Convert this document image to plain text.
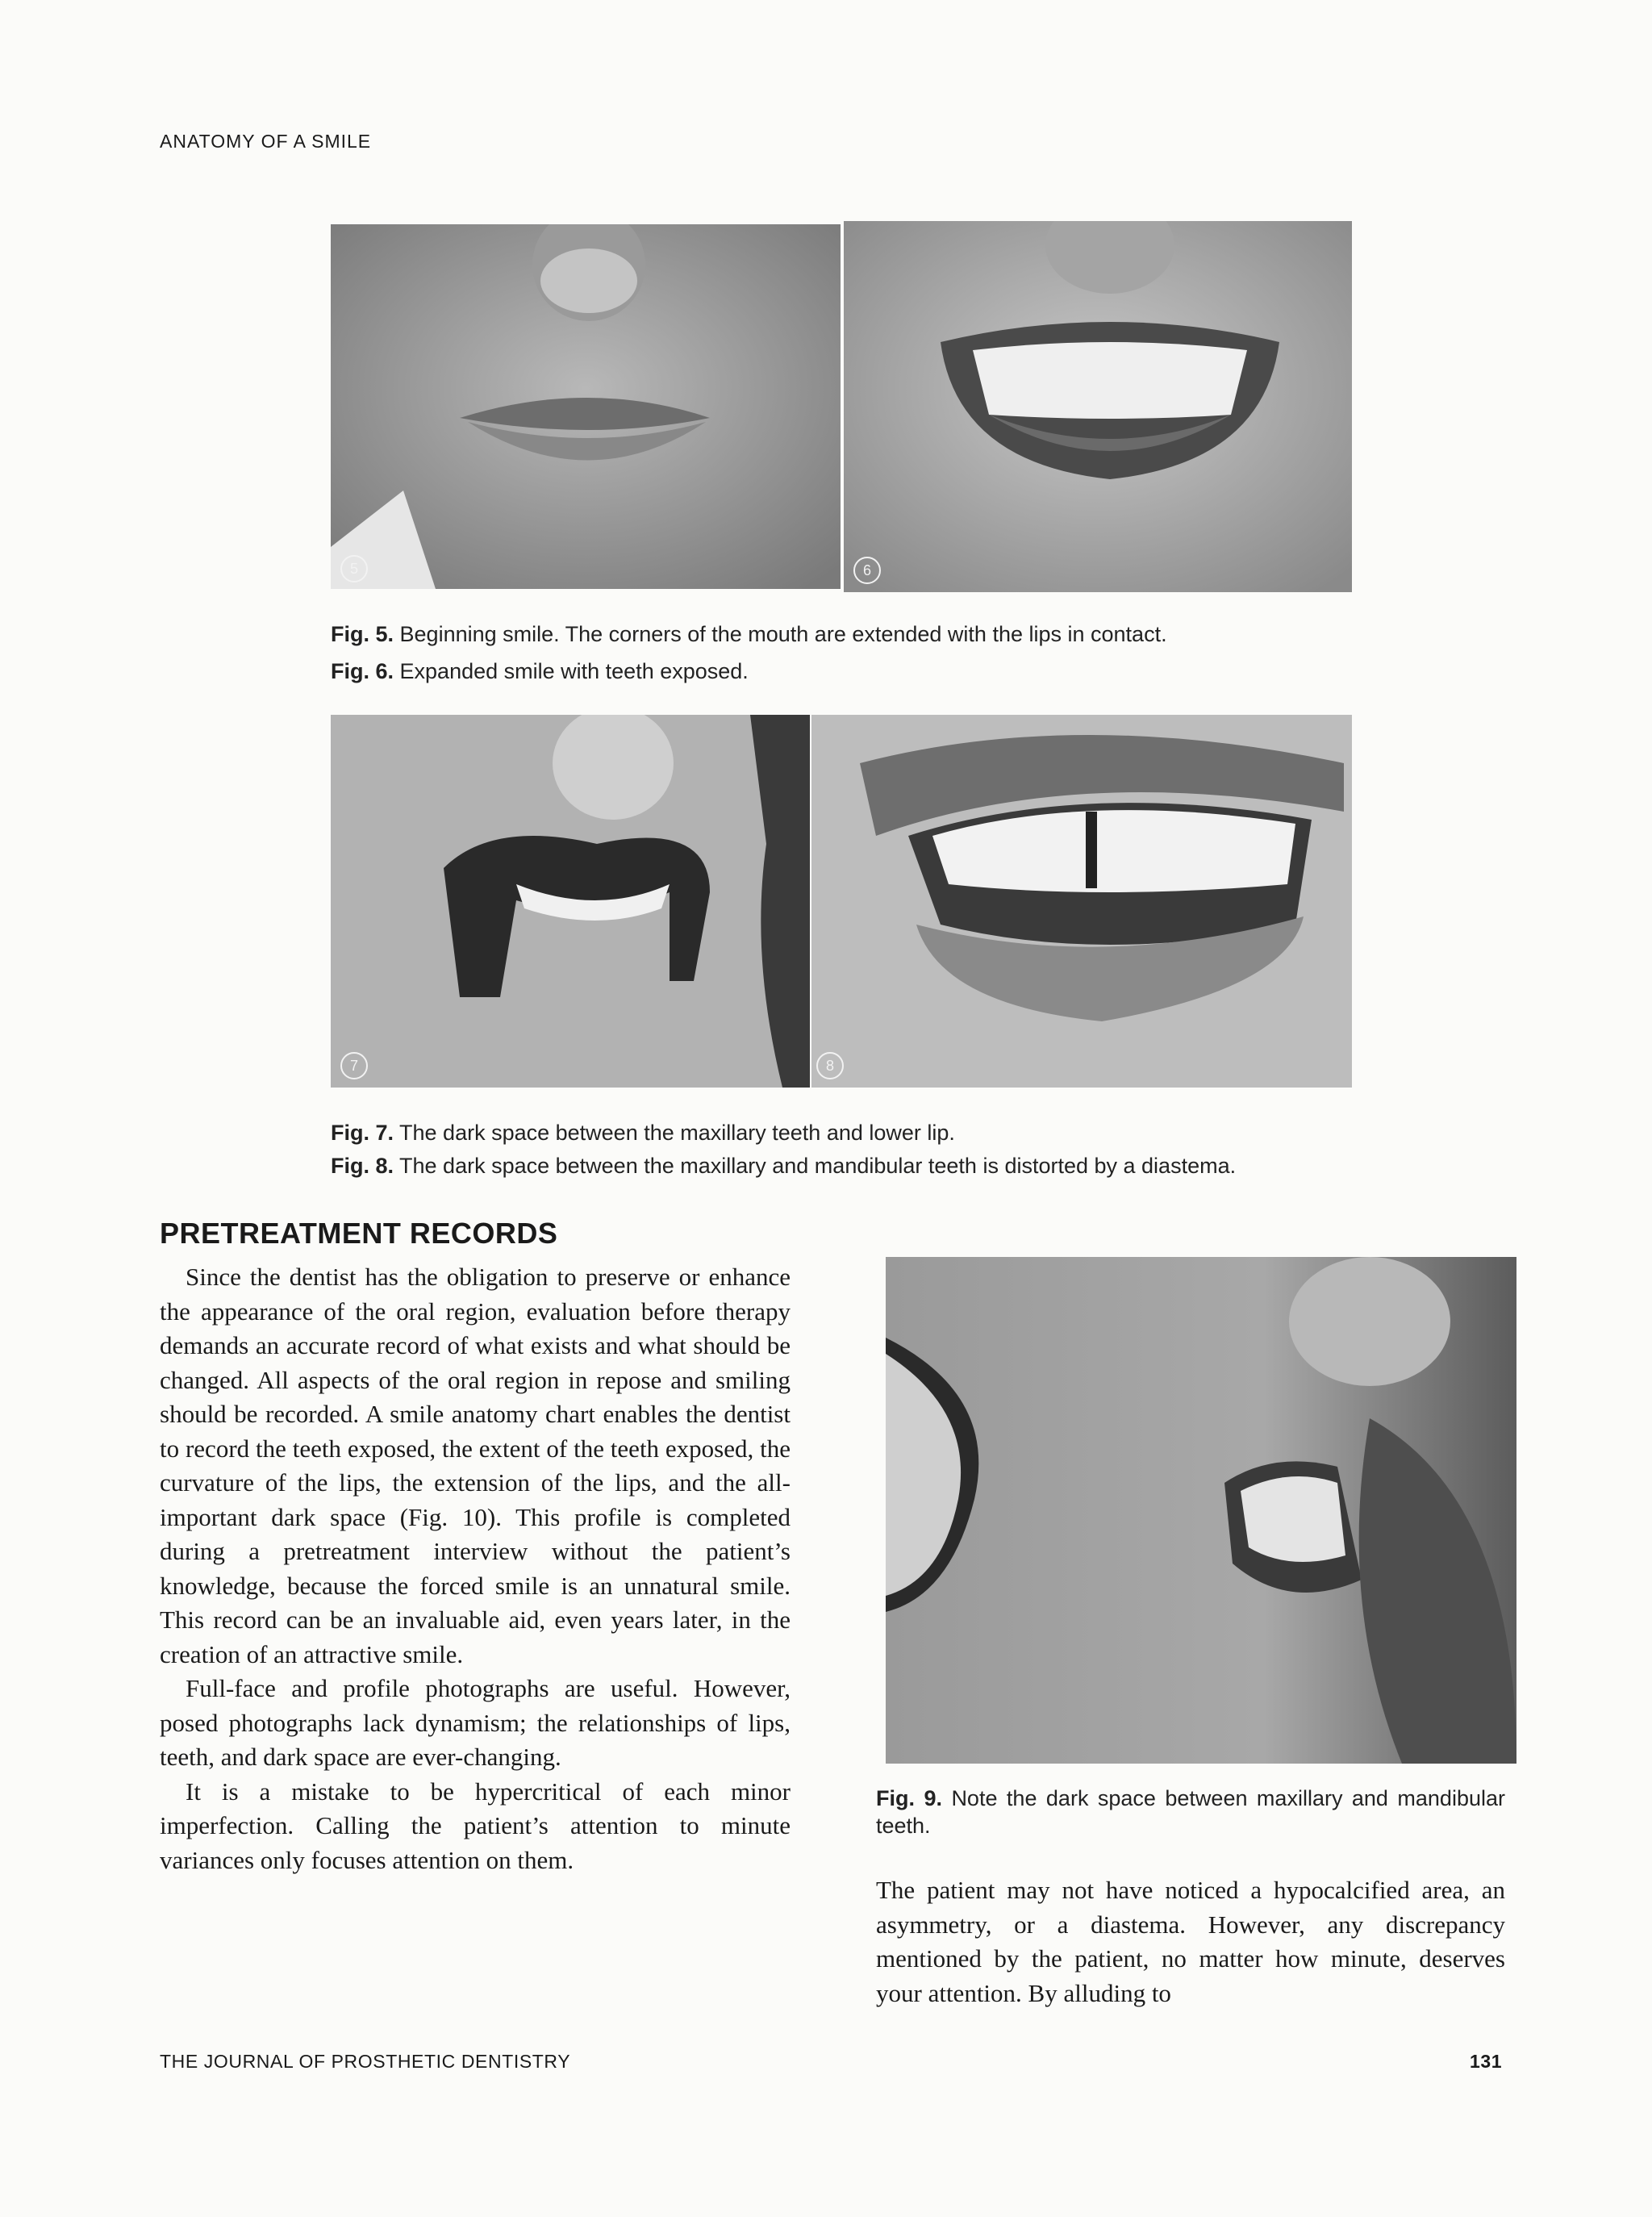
ANATOMY OF A SMILE
5	6
Fig. 5. Beginning smile. The corners of the mouth are extended with the lips in contact.
Fig. 6. Expanded smile with teeth exposed.
7	8
Fig. 7. The dark space between the maxillary teeth and lower lip.
Fig. 8. The dark space between the maxillary and mandibular teeth is distorted by a diastema.
PRETREATMENT RECORDS

Since the dentist has the obligation to preserve or enhance the appearance of the oral region, evaluation before therapy demands an accurate record of what exists and what should be changed. All aspects of the oral region in repose and smiling should be recorded. A smile anatomy chart enables the dentist to record the teeth exposed, the extent of the teeth exposed, the curvature of the lips, the extension of the lips, and the all-important dark space (Fig. 10). This profile is completed during a pretreatment interview without the patient’s knowledge, because the forced smile is an unnatural smile. This record can be an invaluable aid, even years later, in the creation of an attractive smile.

Full-face and profile photographs are useful. However, posed photographs lack dynamism; the relationships of lips, teeth, and dark space are ever-changing.

It is a mistake to be hypercritical of each minor imperfection. Calling the patient’s attention to minute variances only focuses attention on them.

Fig. 9. Note the dark space between maxillary and mandibular teeth.

The patient may not have noticed a hypocalcified area, an asymmetry, or a diastema. However, any discrepancy mentioned by the patient, no matter how minute, deserves your attention. By alluding to

THE JOURNAL OF PROSTHETIC DENTISTRY	131
